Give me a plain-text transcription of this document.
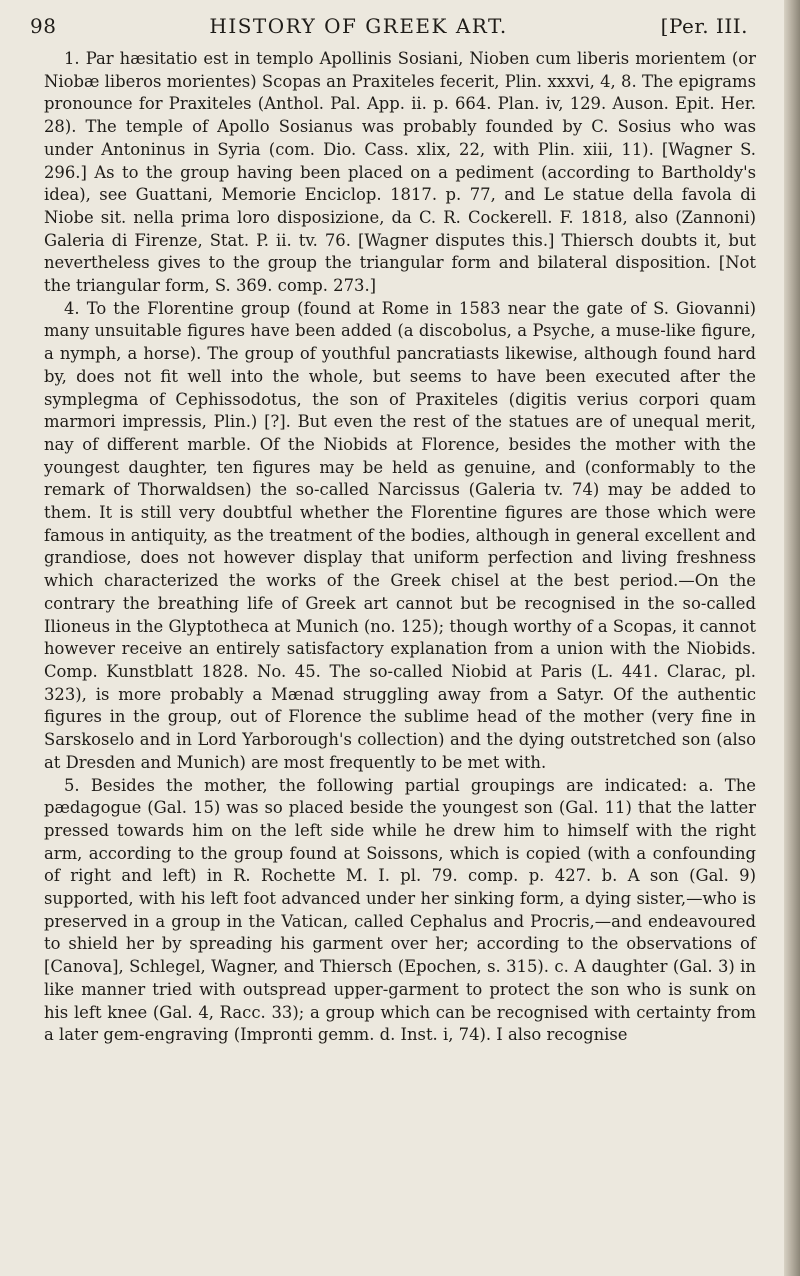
98	HISTORY OF GREEK ART.	[Per. III.

1. Par hæsitatio est in templo Apollinis Sosiani, Nioben cum liberis morientem (or Niobæ liberos morientes) Scopas an Praxiteles fecerit, Plin. xxxvi, 4, 8. The epigrams pronounce for Praxiteles (Anthol. Pal. App. ii. p. 664. Plan. iv, 129. Auson. Epit. Her. 28). The temple of Apollo Sosianus was probably founded by C. Sosius who was under Antoninus in Syria (com. Dio. Cass. xlix, 22, with Plin. xiii, 11). [Wagner S. 296.] As to the group having been placed on a pediment (according to Bartholdy's idea), see Guattani, Memorie Enciclop. 1817. p. 77, and Le statue della favola di Niobe sit. nella prima loro disposizione, da C. R. Cockerell. F. 1818, also (Zannoni) Galeria di Firenze, Stat. P. ii. tv. 76. [Wagner disputes this.] Thiersch doubts it, but nevertheless gives to the group the triangular form and bilateral disposition. [Not the triangular form, S. 369. comp. 273.]

4. To the Florentine group (found at Rome in 1583 near the gate of S. Giovanni) many unsuitable figures have been added (a discobolus, a Psyche, a muse-like figure, a nymph, a horse). The group of youthful pancratiasts likewise, although found hard by, does not fit well into the whole, but seems to have been executed after the symplegma of Cephissodotus, the son of Praxiteles (digitis verius corpori quam marmori impressis, Plin.) [?]. But even the rest of the statues are of unequal merit, nay of different marble. Of the Niobids at Florence, besides the mother with the youngest daughter, ten figures may be held as genuine, and (conformably to the remark of Thorwaldsen) the so-called Narcissus (Galeria tv. 74) may be added to them. It is still very doubtful whether the Florentine figures are those which were famous in antiquity, as the treatment of the bodies, although in general excellent and grandiose, does not however display that uniform perfection and living freshness which characterized the works of the Greek chisel at the best period.—On the contrary the breathing life of Greek art cannot but be recognised in the so-called Ilioneus in the Glyptotheca at Munich (no. 125); though worthy of a Scopas, it cannot however receive an entirely satisfactory explanation from a union with the Niobids. Comp. Kunstblatt 1828. No. 45. The so-called Niobid at Paris (L. 441. Clarac, pl. 323), is more probably a Mænad struggling away from a Satyr. Of the authentic figures in the group, out of Florence the sublime head of the mother (very fine in Sarskoselo and in Lord Yarborough's collection) and the dying outstretched son (also at Dresden and Munich) are most frequently to be met with.

5. Besides the mother, the following partial groupings are indicated: a. The pædagogue (Gal. 15) was so placed beside the youngest son (Gal. 11) that the latter pressed towards him on the left side while he drew him to himself with the right arm, according to the group found at Soissons, which is copied (with a confounding of right and left) in R. Rochette M. I. pl. 79. comp. p. 427. b. A son (Gal. 9) supported, with his left foot advanced under her sinking form, a dying sister,—who is preserved in a group in the Vatican, called Cephalus and Procris,—and endeavoured to shield her by spreading his garment over her; according to the observations of [Canova], Schlegel, Wagner, and Thiersch (Epochen, s. 315). c. A daughter (Gal. 3) in like manner tried with outspread upper-garment to protect the son who is sunk on his left knee (Gal. 4, Racc. 33); a group which can be recognised with certainty from a later gem-engraving (Impronti gemm. d. Inst. i, 74). I also recognise
